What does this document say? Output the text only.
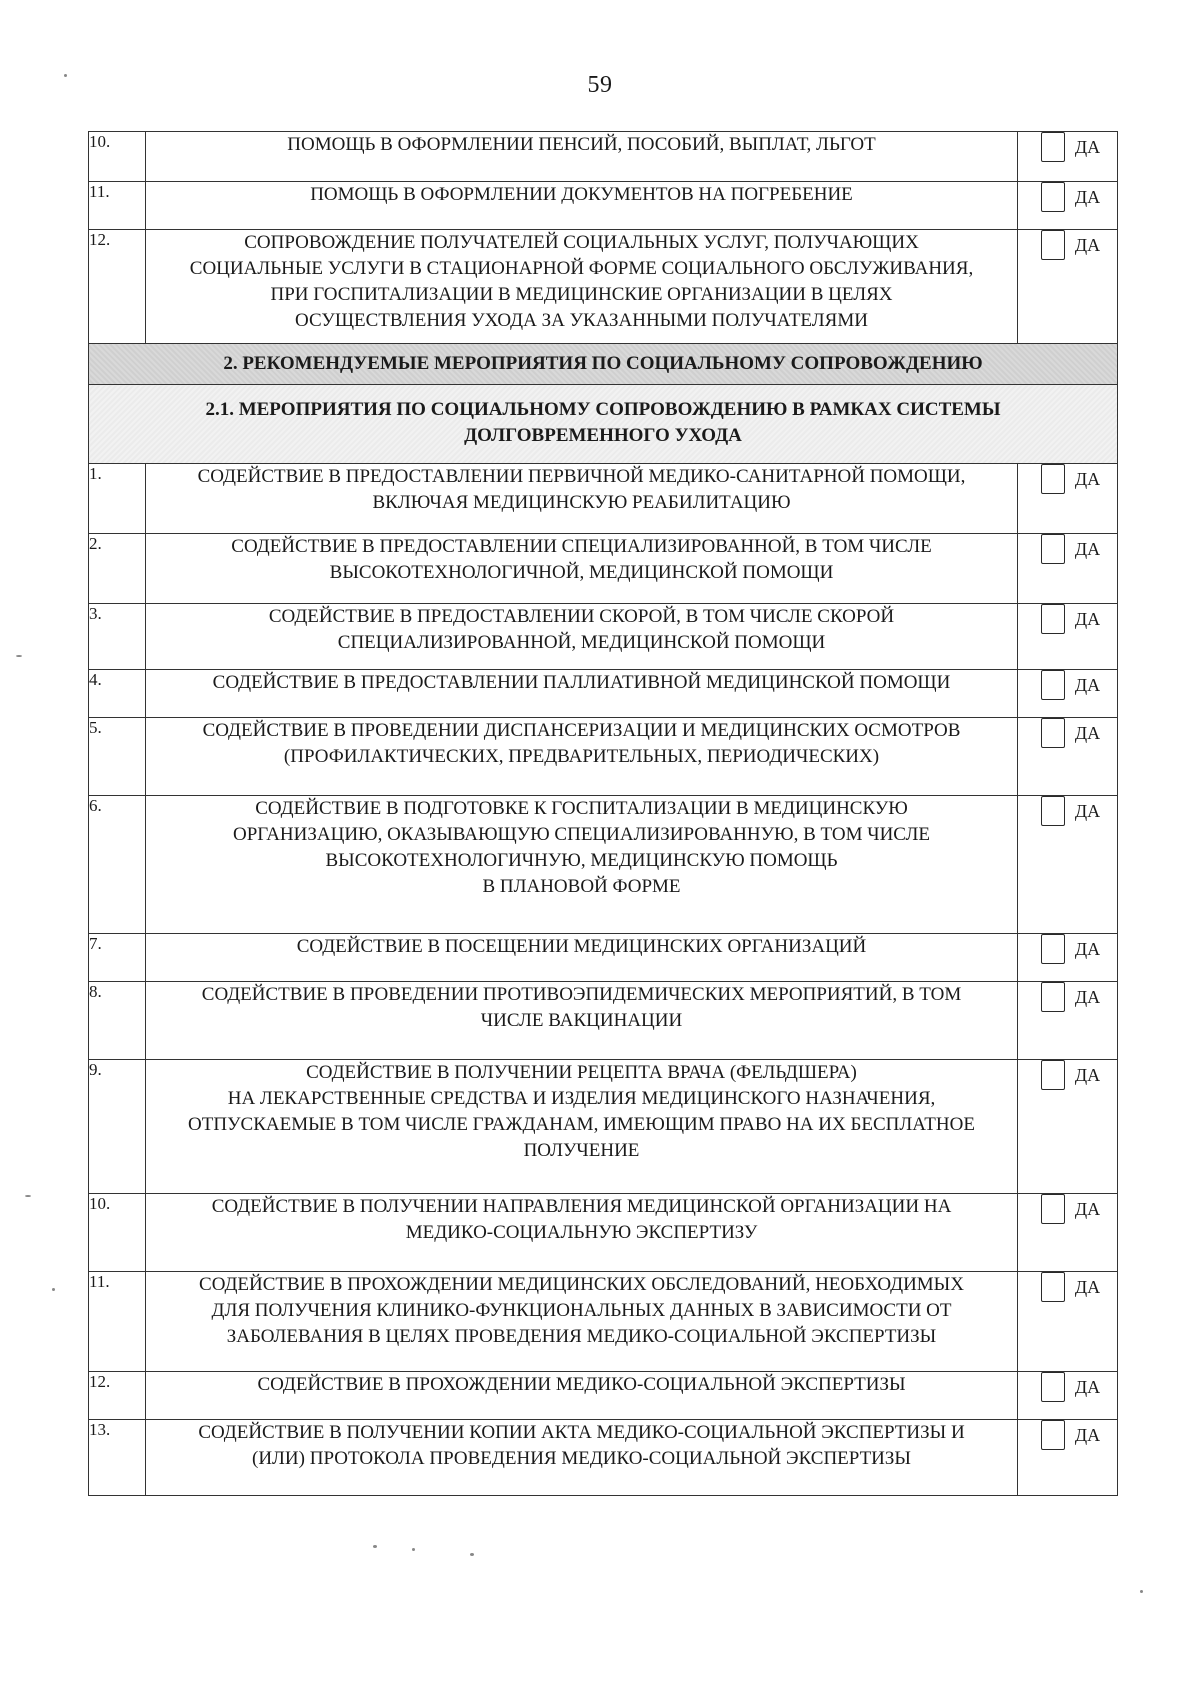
59
10.	ПОМОЩЬ В ОФОРМЛЕНИИ ПЕНСИЙ, ПОСОБИЙ, ВЫПЛАТ, ЛЬГОТ	ДА

11.	ПОМОЩЬ В ОФОРМЛЕНИИ ДОКУМЕНТОВ НА ПОГРЕБЕНИЕ	ДА

12.	СОПРОВОЖДЕНИЕ ПОЛУЧАТЕЛЕЙ СОЦИАЛЬНЫХ УСЛУГ, ПОЛУЧАЮЩИХ
СОЦИАЛЬНЫЕ УСЛУГИ В СТАЦИОНАРНОЙ ФОРМЕ СОЦИАЛЬНОГО ОБСЛУЖИВАНИЯ,
ПРИ ГОСПИТАЛИЗАЦИИ В МЕДИЦИНСКИЕ ОРГАНИЗАЦИИ В ЦЕЛЯХ
ОСУЩЕСТВЛЕНИЯ УХОДА ЗА УКАЗАННЫМИ ПОЛУЧАТЕЛЯМИ	ДА

2. РЕКОМЕНДУЕМЫЕ МЕРОПРИЯТИЯ ПО СОЦИАЛЬНОМУ СОПРОВОЖДЕНИЮ		

2.1. МЕРОПРИЯТИЯ ПО СОЦИАЛЬНОМУ СОПРОВОЖДЕНИЮ В РАМКАХ СИСТЕМЫ
ДОЛГОВРЕМЕННОГО УХОДА		

1.	СОДЕЙСТВИЕ В ПРЕДОСТАВЛЕНИИ ПЕРВИЧНОЙ МЕДИКО-САНИТАРНОЙ ПОМОЩИ,
ВКЛЮЧАЯ МЕДИЦИНСКУЮ РЕАБИЛИТАЦИЮ	ДА

2.	СОДЕЙСТВИЕ В ПРЕДОСТАВЛЕНИИ СПЕЦИАЛИЗИРОВАННОЙ, В ТОМ ЧИСЛЕ
ВЫСОКОТЕХНОЛОГИЧНОЙ, МЕДИЦИНСКОЙ ПОМОЩИ	ДА

3.	СОДЕЙСТВИЕ В ПРЕДОСТАВЛЕНИИ СКОРОЙ, В ТОМ ЧИСЛЕ СКОРОЙ
СПЕЦИАЛИЗИРОВАННОЙ, МЕДИЦИНСКОЙ ПОМОЩИ	ДА

4.	СОДЕЙСТВИЕ В ПРЕДОСТАВЛЕНИИ ПАЛЛИАТИВНОЙ МЕДИЦИНСКОЙ ПОМОЩИ	ДА

5.	СОДЕЙСТВИЕ В ПРОВЕДЕНИИ ДИСПАНСЕРИЗАЦИИ И МЕДИЦИНСКИХ ОСМОТРОВ
(ПРОФИЛАКТИЧЕСКИХ, ПРЕДВАРИТЕЛЬНЫХ, ПЕРИОДИЧЕСКИХ)	ДА

6.	СОДЕЙСТВИЕ В ПОДГОТОВКЕ К ГОСПИТАЛИЗАЦИИ В МЕДИЦИНСКУЮ
ОРГАНИЗАЦИЮ, ОКАЗЫВАЮЩУЮ СПЕЦИАЛИЗИРОВАННУЮ, В ТОМ ЧИСЛЕ
ВЫСОКОТЕХНОЛОГИЧНУЮ, МЕДИЦИНСКУЮ ПОМОЩЬ
В ПЛАНОВОЙ ФОРМЕ	ДА

7.	СОДЕЙСТВИЕ В ПОСЕЩЕНИИ МЕДИЦИНСКИХ ОРГАНИЗАЦИЙ	ДА

8.	СОДЕЙСТВИЕ В ПРОВЕДЕНИИ ПРОТИВОЭПИДЕМИЧЕСКИХ МЕРОПРИЯТИЙ, В ТОМ
ЧИСЛЕ ВАКЦИНАЦИИ	ДА

9.	СОДЕЙСТВИЕ В ПОЛУЧЕНИИ РЕЦЕПТА ВРАЧА (ФЕЛЬДШЕРА)
НА ЛЕКАРСТВЕННЫЕ СРЕДСТВА И ИЗДЕЛИЯ МЕДИЦИНСКОГО НАЗНАЧЕНИЯ,
ОТПУСКАЕМЫЕ В ТОМ ЧИСЛЕ ГРАЖДАНАМ, ИМЕЮЩИМ ПРАВО НА ИХ БЕСПЛАТНОЕ
ПОЛУЧЕНИЕ	ДА

10.	СОДЕЙСТВИЕ В ПОЛУЧЕНИИ НАПРАВЛЕНИЯ МЕДИЦИНСКОЙ ОРГАНИЗАЦИИ НА
МЕДИКО-СОЦИАЛЬНУЮ ЭКСПЕРТИЗУ	ДА

11.	СОДЕЙСТВИЕ В ПРОХОЖДЕНИИ МЕДИЦИНСКИХ ОБСЛЕДОВАНИЙ, НЕОБХОДИМЫХ
ДЛЯ ПОЛУЧЕНИЯ КЛИНИКО-ФУНКЦИОНАЛЬНЫХ ДАННЫХ В ЗАВИСИМОСТИ ОТ
ЗАБОЛЕВАНИЯ В ЦЕЛЯХ ПРОВЕДЕНИЯ МЕДИКО-СОЦИАЛЬНОЙ ЭКСПЕРТИЗЫ	ДА

12.	СОДЕЙСТВИЕ В ПРОХОЖДЕНИИ МЕДИКО-СОЦИАЛЬНОЙ ЭКСПЕРТИЗЫ	ДА

13.	СОДЕЙСТВИЕ В ПОЛУЧЕНИИ КОПИИ АКТА МЕДИКО-СОЦИАЛЬНОЙ ЭКСПЕРТИЗЫ И
(ИЛИ) ПРОТОКОЛА ПРОВЕДЕНИЯ МЕДИКО-СОЦИАЛЬНОЙ ЭКСПЕРТИЗЫ	ДА
